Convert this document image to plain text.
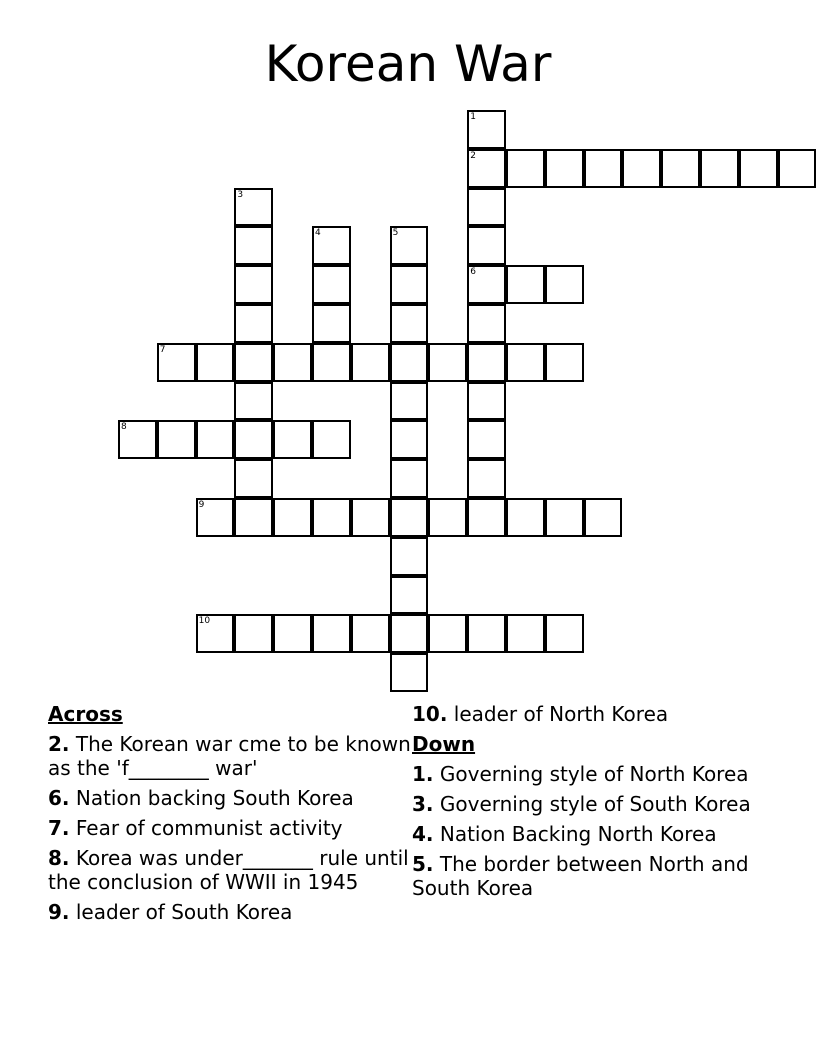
Korean War
2
6
7
8
9
10
1
3
4	5
Across
2. The Korean war cme to be known as the 'f________ war'
6. Nation backing South Korea
7. Fear of communist activity
8. Korea was under_______ rule until the conclusion of WWII in 1945
9. leader of South Korea
10. leader of North Korea
Down
1. Governing style of North Korea
3. Governing style of South Korea
4. Nation Backing North Korea
5. The border between North and South Korea
